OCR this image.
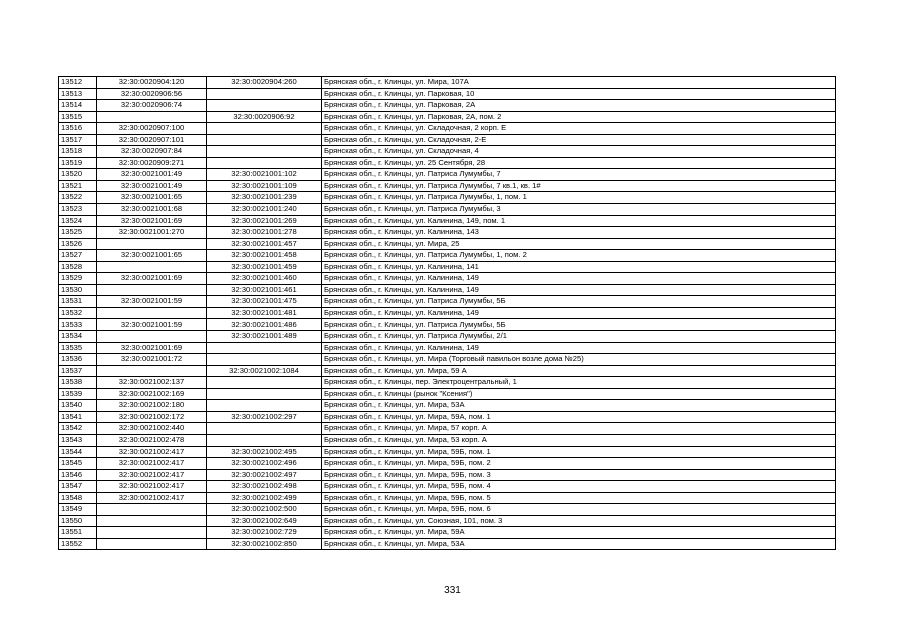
13512	32:30:0020904:120	32:30:0020904:260	Брянская обл., г. Клинцы, ул. Мира, 107А
13513	32:30:0020906:56		Брянская обл., г. Клинцы, ул. Парковая, 10
13514	32:30:0020906:74		Брянская обл., г. Клинцы, ул. Парковая, 2А
13515		32:30:0020906:92	Брянская обл., г. Клинцы, ул. Парковая, 2А, пом. 2
13516	32:30:0020907:100		Брянская обл., г. Клинцы, ул. Складочная, 2 корп. Е
13517	32:30:0020907:101		Брянская обл., г. Клинцы, ул. Складочная, 2-Е
13518	32:30:0020907:84		Брянская обл., г. Клинцы, ул. Складочная, 4
13519	32:30:0020909:271		Брянская обл., г. Клинцы, ул. 25 Сентября, 28
13520	32:30:0021001:49	32:30:0021001:102	Брянская обл., г. Клинцы, ул. Патриса Лумумбы, 7
13521	32:30:0021001:49	32:30:0021001:109	Брянская обл., г. Клинцы, ул. Патриса Лумумбы, 7 кв.1, кв. 1#
13522	32:30:0021001:65	32:30:0021001:239	Брянская обл., г. Клинцы, ул. Патриса Лумумбы, 1, пом. 1
13523	32:30:0021001:68	32:30:0021001:240	Брянская обл., г. Клинцы, ул. Патриса Лумумбы, 3
13524	32:30:0021001:69	32:30:0021001:269	Брянская обл., г. Клинцы, ул. Калинина, 149, пом. 1
13525	32:30:0021001:270	32:30:0021001:278	Брянская обл., г. Клинцы, ул. Калинина, 143
13526		32:30:0021001:457	Брянская обл., г. Клинцы, ул. Мира, 25
13527	32:30:0021001:65	32:30:0021001:458	Брянская обл., г. Клинцы, ул. Патриса Лумумбы, 1, пом. 2
13528		32:30:0021001:459	Брянская обл., г. Клинцы, ул. Калинина, 141
13529	32:30:0021001:69	32:30:0021001:460	Брянская обл., г. Клинцы, ул. Калинина, 149
13530		32:30:0021001:461	Брянская обл., г. Клинцы, ул. Калинина, 149
13531	32:30:0021001:59	32:30:0021001:475	Брянская обл., г. Клинцы, ул. Патриса Лумумбы, 5Б
13532		32:30:0021001:481	Брянская обл., г. Клинцы, ул. Калинина, 149
13533	32:30:0021001:59	32:30:0021001:486	Брянская обл., г. Клинцы, ул. Патриса Лумумбы, 5Б
13534		32:30:0021001:489	Брянская обл., г. Клинцы, ул. Патриса Лумумбы, 2/1
13535	32:30:0021001:69		Брянская обл., г. Клинцы, ул. Калинина, 149
13536	32:30:0021001:72		Брянская обл., г. Клинцы, ул. Мира (Торговый павильон возле дома №25)
13537		32:30:0021002:1084	Брянская обл., г. Клинцы, ул. Мира, 59 А
13538	32:30:0021002:137		Брянская обл., г. Клинцы, пер. Электроцентральный, 1
13539	32:30:0021002:169		Брянская обл., г. Клинцы (рынок "Ксения")
13540	32:30:0021002:180		Брянская обл., г. Клинцы, ул. Мира, 53А
13541	32:30:0021002:172	32:30:0021002:297	Брянская обл., г. Клинцы, ул. Мира, 59А, пом. 1
13542	32:30:0021002:440		Брянская обл., г. Клинцы, ул. Мира, 57 корп. А
13543	32:30:0021002:478		Брянская обл., г. Клинцы, ул. Мира, 53 корп. А
13544	32:30:0021002:417	32:30:0021002:495	Брянская обл., г. Клинцы, ул. Мира, 59Б, пом. 1
13545	32:30:0021002:417	32:30:0021002:496	Брянская обл., г. Клинцы, ул. Мира, 59Б, пом. 2
13546	32:30:0021002:417	32:30:0021002:497	Брянская обл., г. Клинцы, ул. Мира, 59Б, пом. 3
13547	32:30:0021002:417	32:30:0021002:498	Брянская обл., г. Клинцы, ул. Мира, 59Б, пом. 4
13548	32:30:0021002:417	32:30:0021002:499	Брянская обл., г. Клинцы, ул. Мира, 59Б, пом. 5
13549		32:30:0021002:500	Брянская обл., г. Клинцы, ул. Мира, 59Б, пом. 6
13550		32:30:0021002:649	Брянская обл., г. Клинцы, ул. Союзная, 101, пом. 3
13551		32:30:0021002:729	Брянская обл., г. Клинцы, ул. Мира, 59А
13552		32:30:0021002:850	Брянская обл., г. Клинцы, ул. Мира, 53А
331
